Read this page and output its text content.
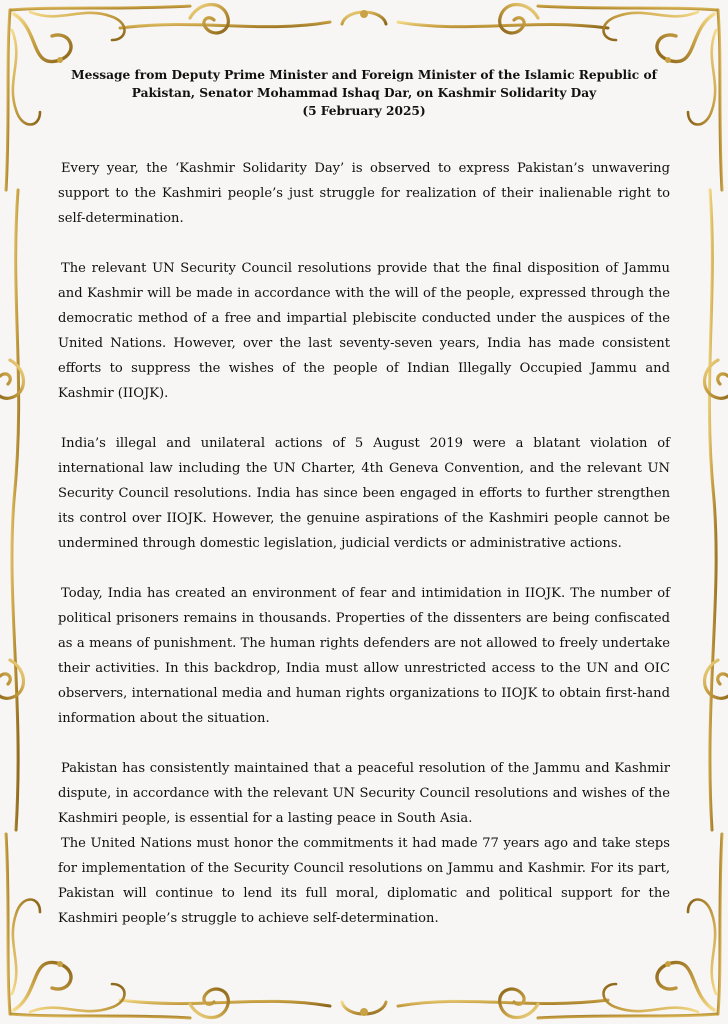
Message from Deputy Prime Minister and Foreign Minister of the Islamic Republic of
Pakistan, Senator Mohammad Ishaq Dar, on Kashmir Solidarity Day
(5 February 2025)

Every year, the ‘Kashmir Solidarity Day’ is observed to express Pakistan’s unwavering support to the Kashmiri people’s just struggle for realization of their inalienable right to self-determination.

The relevant UN Security Council resolutions provide that the final disposition of Jammu and Kashmir will be made in accordance with the will of the people, expressed through the democratic method of a free and impartial plebiscite conducted under the auspices of the United Nations. However, over the last seventy-seven years, India has made consistent efforts to suppress the wishes of the people of Indian Illegally Occupied Jammu and Kashmir (IIOJK).

India’s illegal and unilateral actions of 5 August 2019 were a blatant violation of international law including the UN Charter, 4th Geneva Convention, and the relevant UN Security Council resolutions. India has since been engaged in efforts to further strengthen its control over IIOJK. However, the genuine aspirations of the Kashmiri people cannot be undermined through domestic legislation, judicial verdicts or administrative actions.

Today, India has created an environment of fear and intimidation in IIOJK. The number of political prisoners remains in thousands. Properties of the dissenters are being confiscated as a means of punishment. The human rights defenders are not allowed to freely undertake their activities. In this backdrop, India must allow unrestricted access to the UN and OIC observers, international media and human rights organizations to IIOJK to obtain first-hand information about the situation.

Pakistan has consistently maintained that a peaceful resolution of the Jammu and Kashmir dispute, in accordance with the relevant UN Security Council resolutions and wishes of the Kashmiri people, is essential for a lasting peace in South Asia.

The United Nations must honor the commitments it had made 77 years ago and take steps for implementation of the Security Council resolutions on Jammu and Kashmir. For its part, Pakistan will continue to lend its full moral, diplomatic and political support for the Kashmiri people’s struggle to achieve self-determination.
